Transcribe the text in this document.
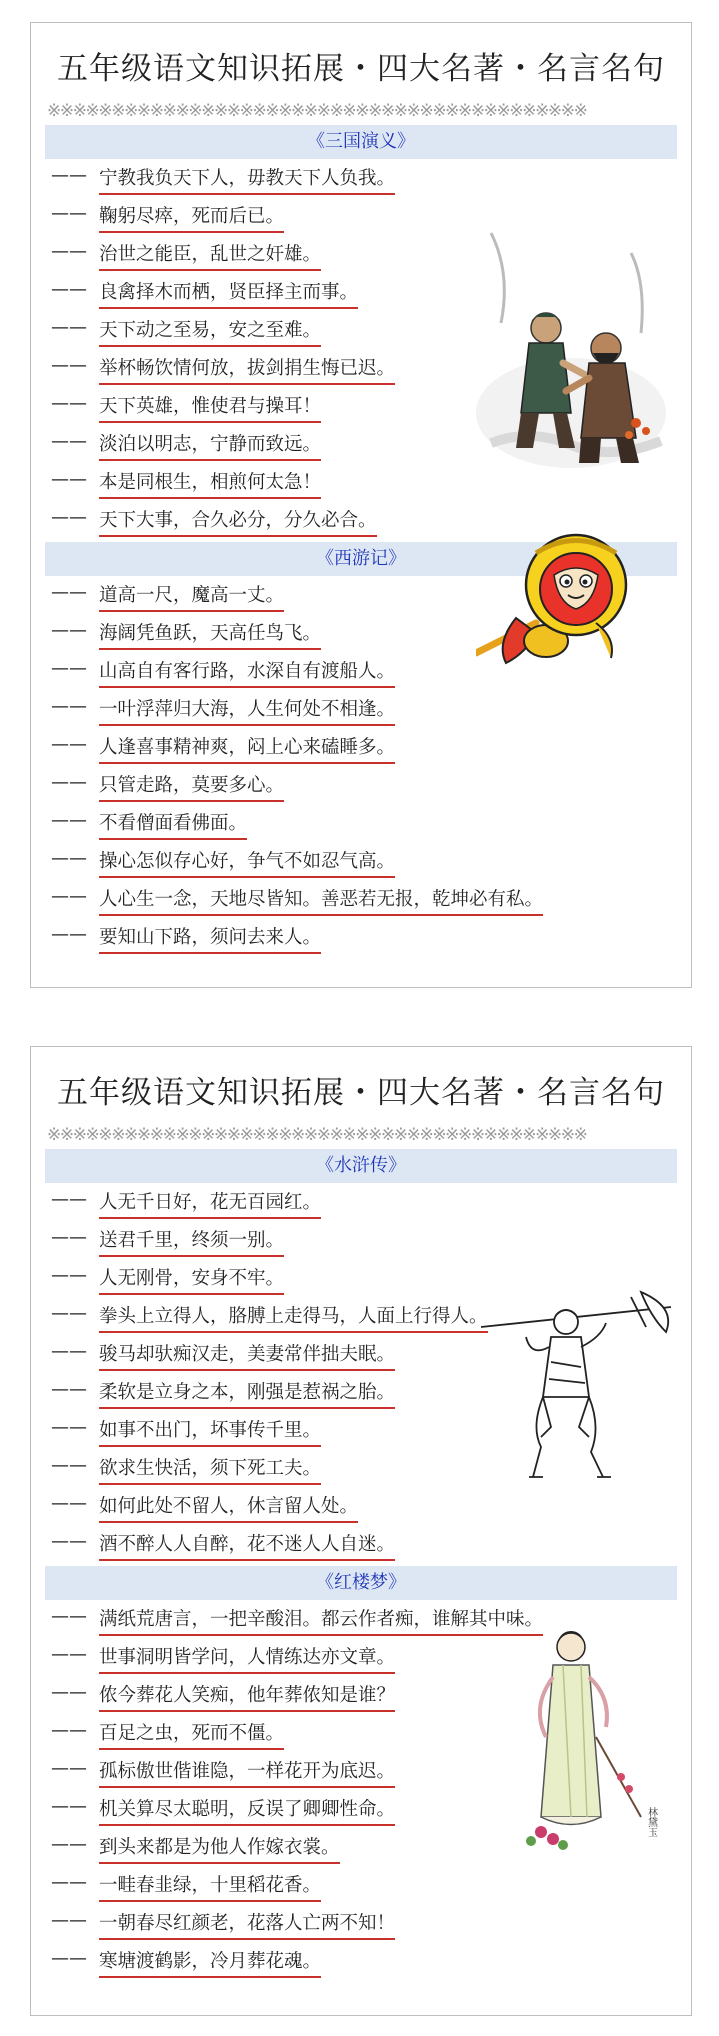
五年级语文知识拓展・四大名著・名言名句
※※※※※※※※※※※※※※※※※※※※※※※※※※※※※※※※※※※※※※※※※※
《三国演义》
—— 宁教我负天下人，毋教天下人负我。
—— 鞠躬尽瘁，死而后已。
—— 治世之能臣，乱世之奸雄。
—— 良禽择木而栖，贤臣择主而事。
—— 天下动之至易，安之至难。
—— 举杯畅饮情何放，拔剑捐生悔已迟。
—— 天下英雄，惟使君与操耳！
—— 淡泊以明志，宁静而致远。
—— 本是同根生，相煎何太急！
—— 天下大事，合久必分，分久必合。
《西游记》
—— 道高一尺，魔高一丈。
—— 海阔凭鱼跃，天高任鸟飞。
—— 山高自有客行路，水深自有渡船人。
—— 一叶浮萍归大海，人生何处不相逢。
—— 人逢喜事精神爽，闷上心来磕睡多。
—— 只管走路，莫要多心。
—— 不看僧面看佛面。
—— 操心怎似存心好，争气不如忍气高。
—— 人心生一念，天地尽皆知。善恶若无报，乾坤必有私。
—— 要知山下路，须问去来人。
五年级语文知识拓展・四大名著・名言名句
※※※※※※※※※※※※※※※※※※※※※※※※※※※※※※※※※※※※※※※※※※
《水浒传》
—— 人无千日好，花无百园红。
—— 送君千里，终须一别。
—— 人无刚骨，安身不牢。
—— 拳头上立得人，胳膊上走得马，人面上行得人。
—— 骏马却驮痴汉走，美妻常伴拙夫眠。
—— 柔软是立身之本，刚强是惹祸之胎。
—— 如事不出门，坏事传千里。
—— 欲求生快活，须下死工夫。
—— 如何此处不留人，休言留人处。
—— 酒不醉人人自醉，花不迷人人自迷。
《红楼梦》
—— 满纸荒唐言，一把辛酸泪。都云作者痴，谁解其中味。
—— 世事洞明皆学问，人情练达亦文章。
—— 侬今葬花人笑痴，他年葬侬知是谁？
—— 百足之虫，死而不僵。
—— 孤标傲世偕谁隐，一样花开为底迟。
—— 机关算尽太聪明，反误了卿卿性命。
—— 到头来都是为他人作嫁衣裳。
—— 一畦春韭绿，十里稻花香。
—— 一朝春尽红颜老，花落人亡两不知！
—— 寒塘渡鹤影，冷月葬花魂。
林黛玉
